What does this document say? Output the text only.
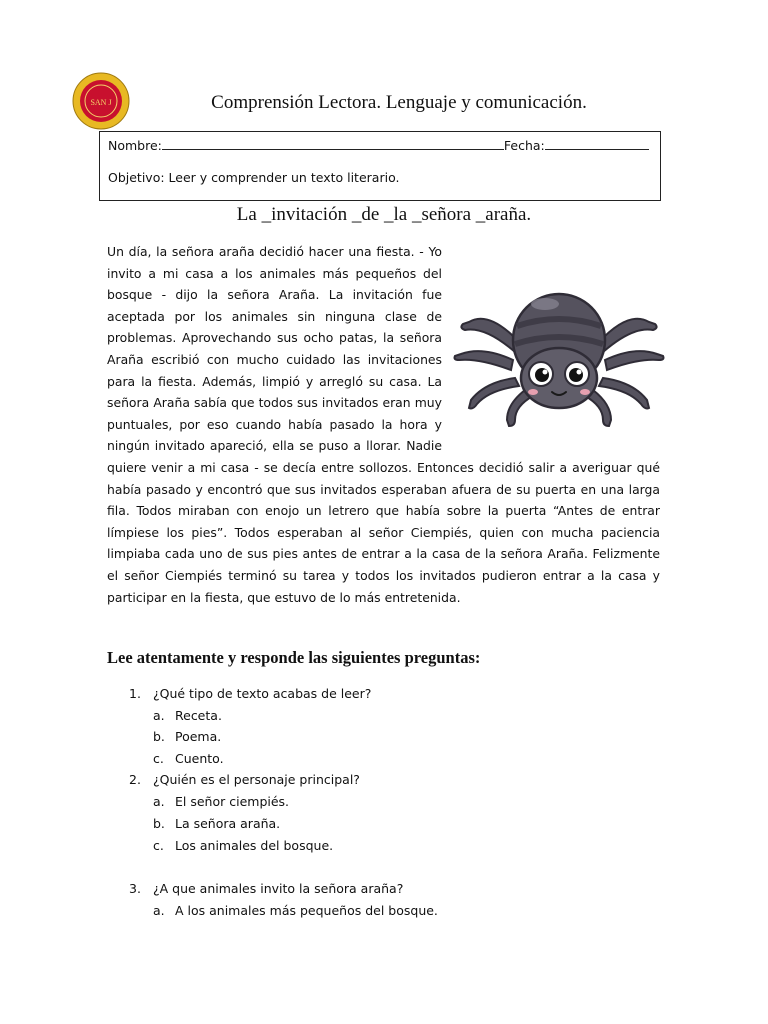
SAN J	Comprensión Lectora. Lenguaje y comunicación.
Nombre:	Fecha:
Objetivo: Leer y comprender un texto literario.
La _invitación _de _la _señora _araña.
Un día, la señora araña decidió hacer una fiesta. - Yo invito a mi casa a los animales más pequeños del bosque - dijo la señora Araña. La invitación fue aceptada por los animales sin ninguna clase de problemas. Aprovechando sus ocho patas, la señora Araña escribió con mucho cuidado las invitaciones para la fiesta. Además, limpió y arregló su casa. La señora Araña sabía que todos sus invitados eran muy puntuales, por eso cuando había pasado la hora y ningún invitado apareció, ella se puso a llorar. Nadie quiere venir a mi casa - se decía entre sollozos. Entonces decidió salir a averiguar qué había pasado y encontró que sus invitados esperaban afuera de su puerta en una larga fila. Todos miraban con enojo un letrero que había sobre la puerta “Antes de entrar límpiese los pies”. Todos esperaban al señor Ciempiés, quien con mucha paciencia limpiaba cada uno de sus pies antes de entrar a la casa de la señora Araña. Felizmente el señor Ciempiés terminó su tarea y todos los invitados pudieron entrar a la casa y participar en la fiesta, que estuvo de lo más entretenida.
Lee atentamente y responde las siguientes preguntas:
1. ¿Qué tipo de texto acabas de leer?
a. Receta.
b. Poema.
c. Cuento.
2. ¿Quién es el personaje principal?
a. El señor ciempiés.
b. La señora araña.
c. Los animales del bosque.
3. ¿A que animales invito la señora araña?
a. A los animales más pequeños del bosque.
